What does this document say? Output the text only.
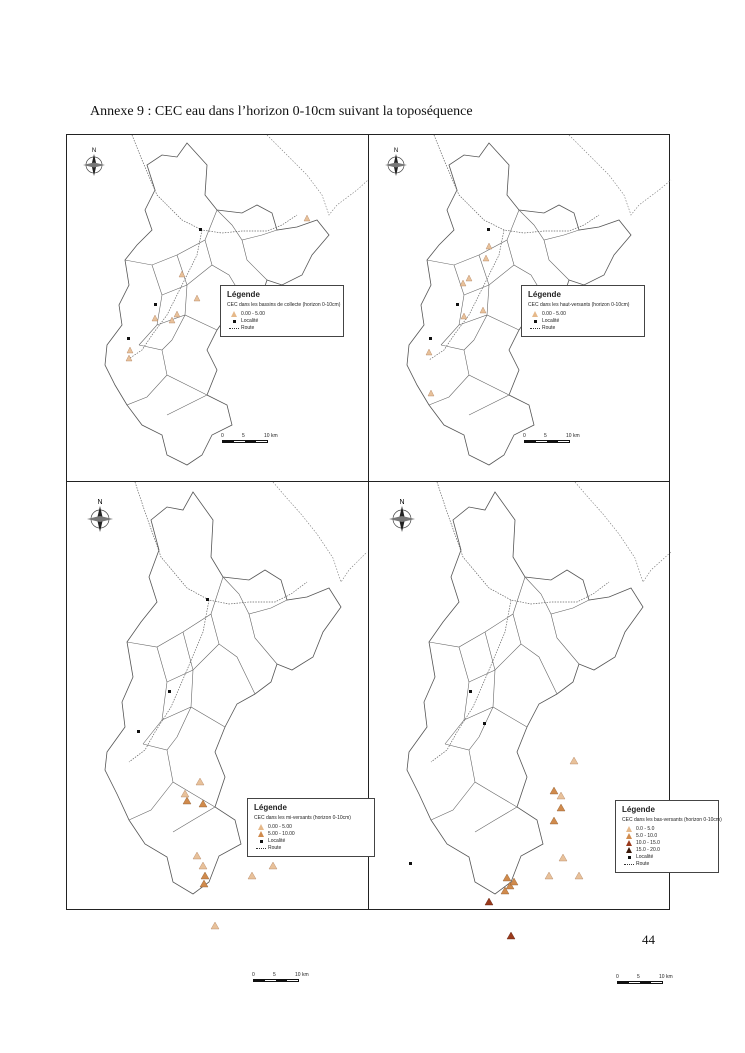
Annexe 9 : CEC eau dans l’horizon 0-10cm suivant la toposéquence
N
Légende
CEC dans les bassins de collecte (horizon 0-10cm)
0.00 - 5.00
Localité
Route
0	5	10 km
N
Légende
CEC dans les haut-versants (horizon 0-10cm)
0.00 - 5.00
Localité
Route
0	5	10 km
N
Légende
CEC dans les mi-versants (horizon 0-10cm)
0.00 - 5.00
5.00 - 10.00
Localité
Route
0	5	10 km
N
Légende
CEC dans les bas-versants (horizon 0-10cm)
0.0 - 5.0
5.0 - 10.0
10.0 - 15.0
15.0 - 20.0
Localité
Route
0	5	10 km
44
